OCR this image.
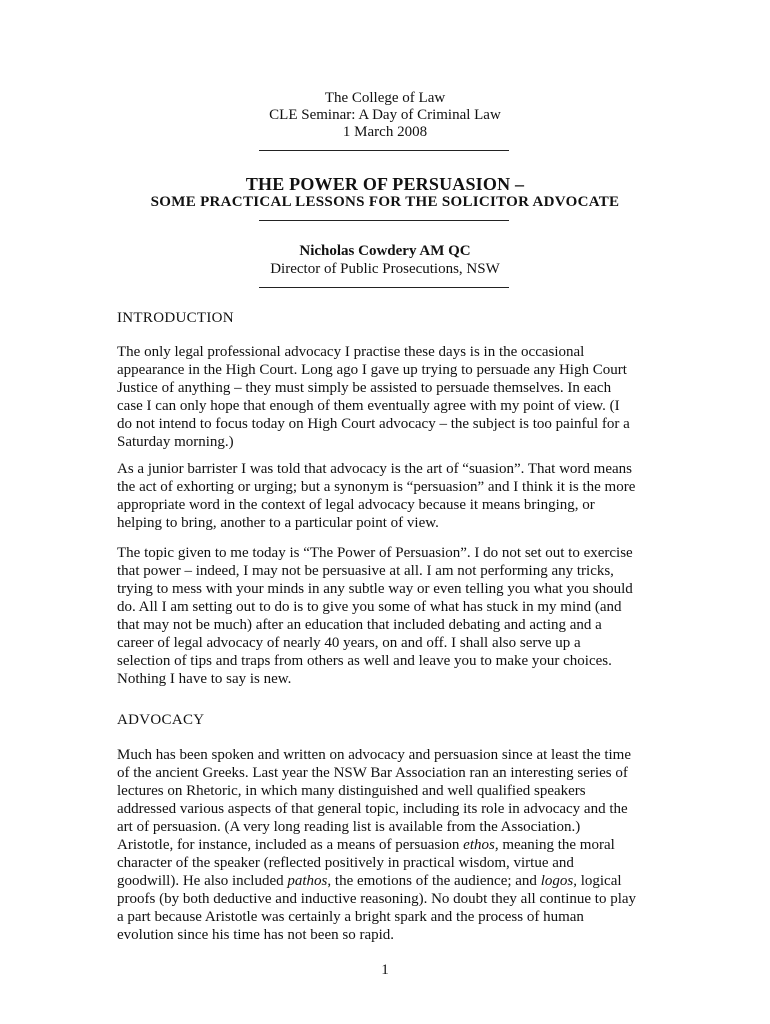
The College of Law
CLE Seminar: A Day of Criminal Law
1 March 2008
THE POWER OF PERSUASION –
SOME PRACTICAL LESSONS FOR THE SOLICITOR ADVOCATE
Nicholas Cowdery AM QC
Director of Public Prosecutions, NSW
INTRODUCTION

The only legal professional advocacy I practise these days is in the occasional
appearance in the High Court. Long ago I gave up trying to persuade any High Court
Justice of anything – they must simply be assisted to persuade themselves. In each
case I can only hope that enough of them eventually agree with my point of view. (I
do not intend to focus today on High Court advocacy – the subject is too painful for a
Saturday morning.)

As a junior barrister I was told that advocacy is the art of “suasion”. That word means
the act of exhorting or urging; but a synonym is “persuasion” and I think it is the more
appropriate word in the context of legal advocacy because it means bringing, or
helping to bring, another to a particular point of view.

The topic given to me today is “The Power of Persuasion”. I do not set out to exercise
that power – indeed, I may not be persuasive at all. I am not performing any tricks,
trying to mess with your minds in any subtle way or even telling you what you should
do. All I am setting out to do is to give you some of what has stuck in my mind (and
that may not be much) after an education that included debating and acting and a
career of legal advocacy of nearly 40 years, on and off. I shall also serve up a
selection of tips and traps from others as well and leave you to make your choices.
Nothing I have to say is new.

ADVOCACY

Much has been spoken and written on advocacy and persuasion since at least the time
of the ancient Greeks. Last year the NSW Bar Association ran an interesting series of
lectures on Rhetoric, in which many distinguished and well qualified speakers
addressed various aspects of that general topic, including its role in advocacy and the
art of persuasion. (A very long reading list is available from the Association.)
Aristotle, for instance, included as a means of persuasion ethos, meaning the moral
character of the speaker (reflected positively in practical wisdom, virtue and
goodwill). He also included pathos, the emotions of the audience; and logos, logical
proofs (by both deductive and inductive reasoning). No doubt they all continue to play
a part because Aristotle was certainly a bright spark and the process of human
evolution since his time has not been so rapid.

1
